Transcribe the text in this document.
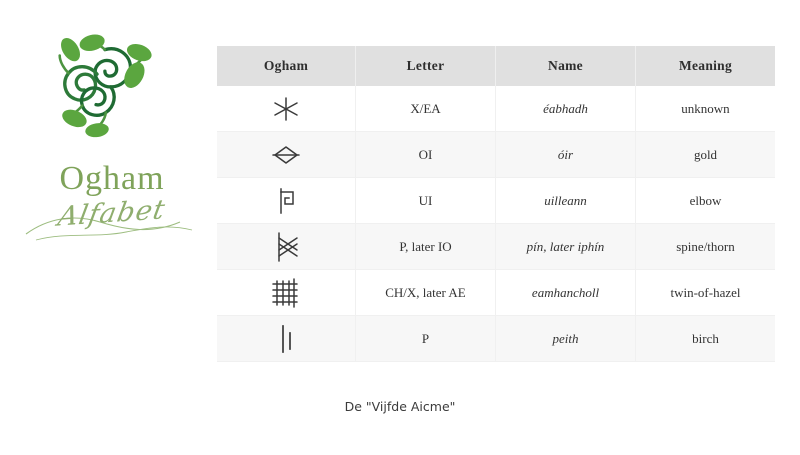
Ogham
Alfabet
Ogham	Letter	Name	Meaning

	X/EA	éabhadh	unknown

	OI	óir	gold

	UI	uilleann	elbow

	P, later IO	pín, later iphín	spine/thorn

	CH/X, later AE	eamhancholl	twin-of-hazel

	P	peith	birch
De "Vijfde Aicme"
